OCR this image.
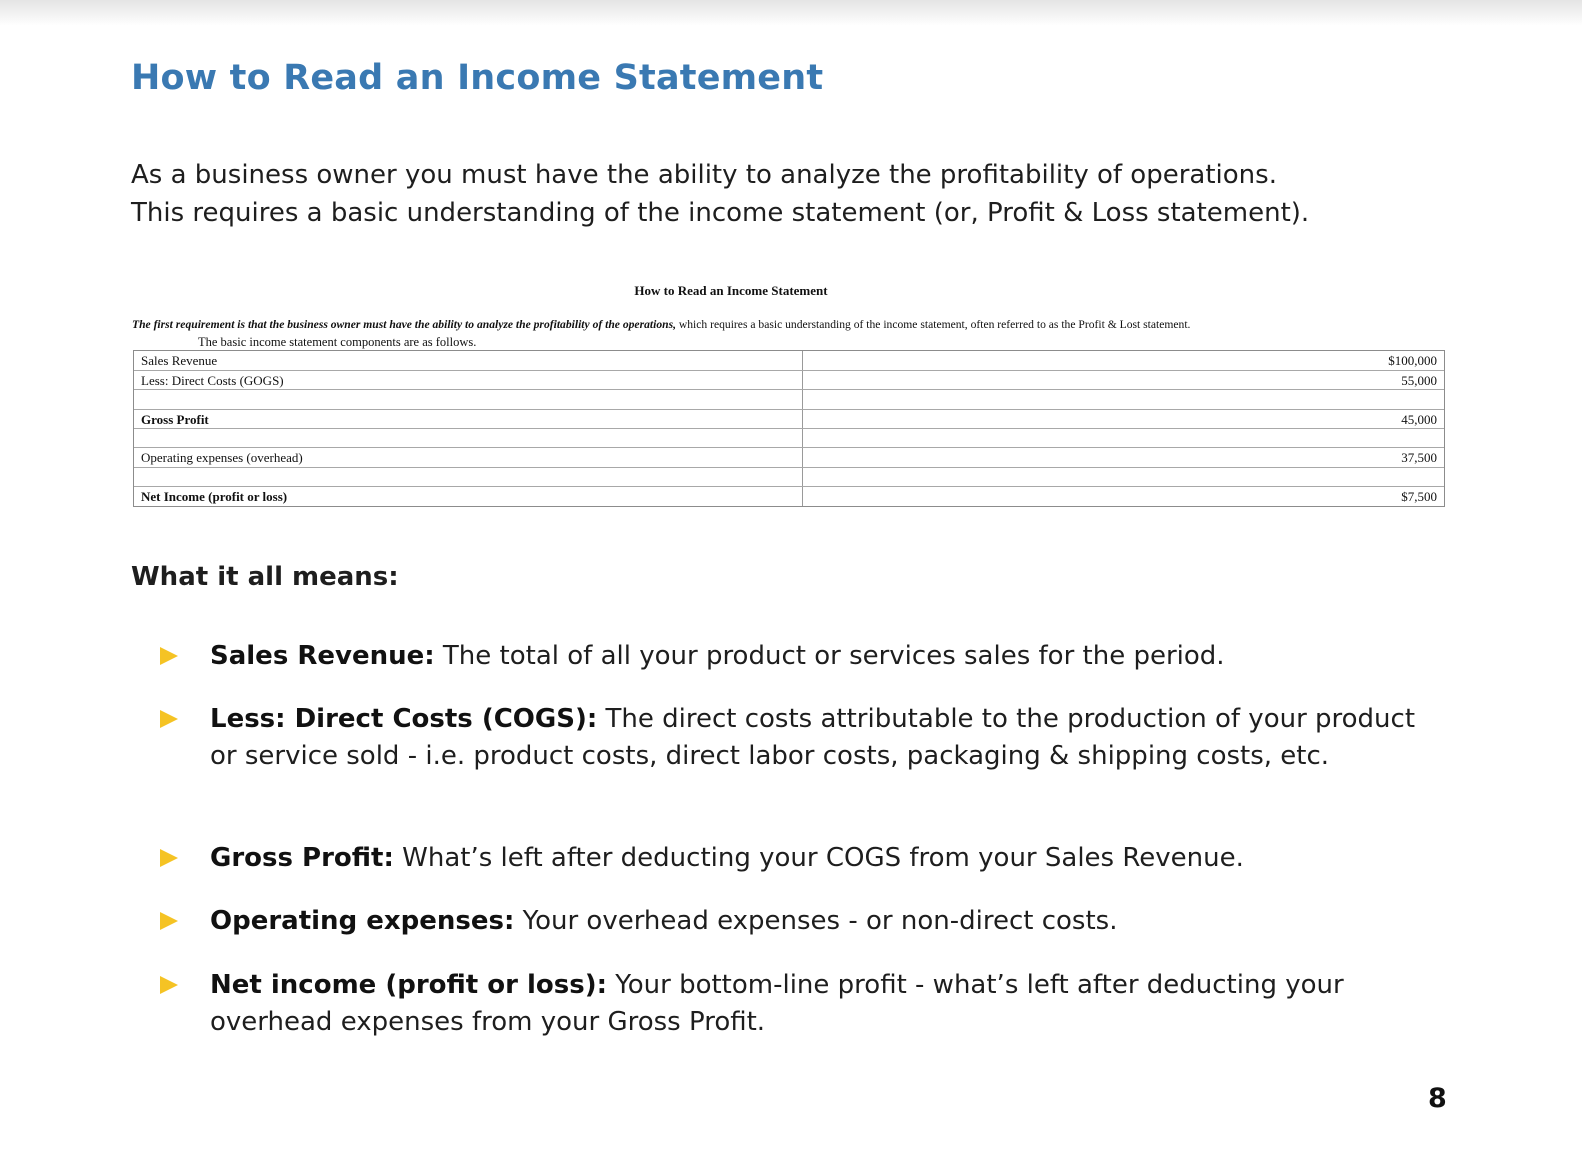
How to Read an Income Statement

As a business owner you must have the ability to analyze the profitability of operations.
This requires a basic understanding of the income statement (or, Profit & Loss statement).

How to Read an Income Statement
The first requirement is that the business owner must have the ability to analyze the profitability of the operations, which requires a basic understanding of the income statement, often referred to as the Profit & Lost statement.
The basic income statement components are as follows.
Sales Revenue	$100,000
Less: Direct Costs (GOGS)	55,000
Gross Profit	45,000
Operating expenses (overhead)	37,500
Net Income (profit or loss)	$7,500
What it all means:
Sales Revenue: The total of all your product or services sales for the period.
Less: Direct Costs (COGS): The direct costs attributable to the production of your product or service sold - i.e. product costs, direct labor costs, packaging & shipping costs, etc.
Gross Profit: What’s left after deducting your COGS from your Sales Revenue.
Operating expenses: Your overhead expenses - or non-direct costs.
Net income (profit or loss): Your bottom-line profit - what’s left after deducting your overhead expenses from your Gross Profit.
8
